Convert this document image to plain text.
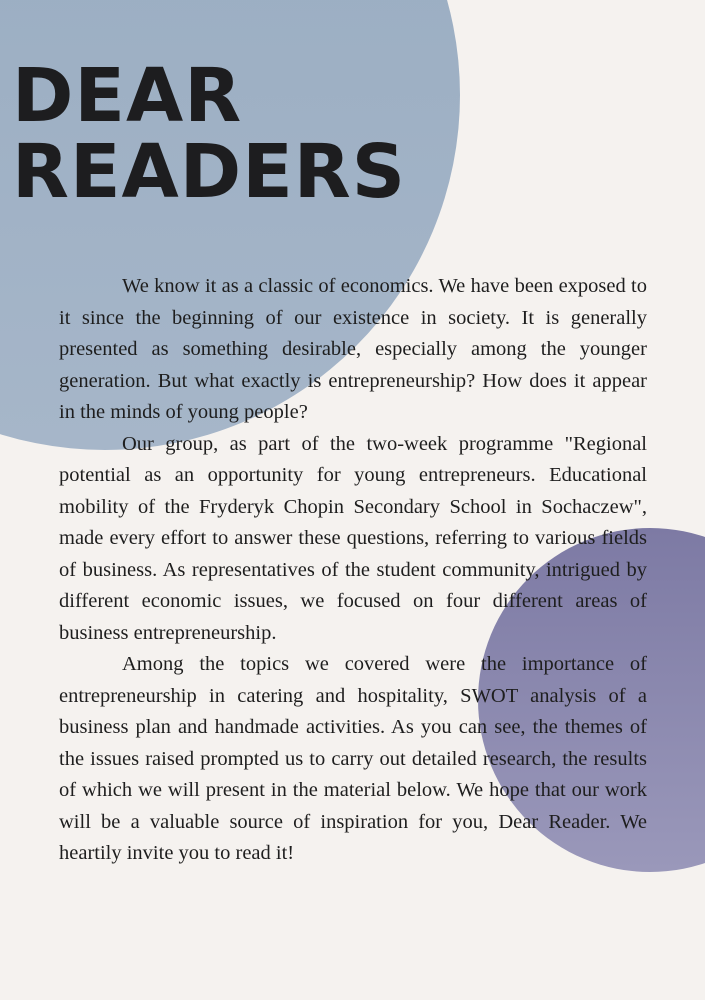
DEAR
READERS

We know it as a classic of economics. We have been exposed to it since the beginning of our existence in society. It is generally presented as something desirable, especially among the younger generation. But what exactly is entrepreneurship? How does it appear in the minds of young people?

Our group, as part of the two-week programme "Regional potential as an opportunity for young entrepreneurs. Educational mobility of the Fryderyk Chopin Secondary School in Sochaczew", made every effort to answer these questions, referring to various fields of business. As representatives of the student community, intrigued by different economic issues, we focused on four different areas of business entrepreneurship.

Among the topics we covered were the importance of entrepreneurship in catering and hospitality, SWOT analysis of a business plan and handmade activities. As you can see, the themes of the issues raised prompted us to carry out detailed research, the results of which we will present in the material below. We hope that our work will be a valuable source of inspiration for you, Dear Reader. We heartily invite you to read it!
